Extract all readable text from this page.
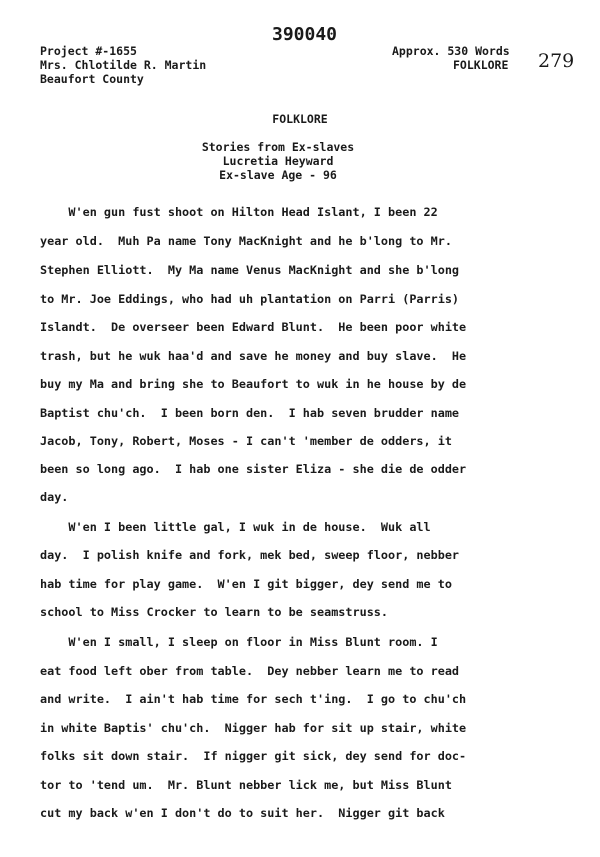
390040
Project #-1655
Mrs. Chlotilde R. Martin
Beaufort County
Approx. 530 Words
FOLKLORE 279
FOLKLORE
Stories from Ex-slaves
Lucretia Heyward
Ex-slave Age - 96
W'en gun fust shoot on Hilton Head Islant, I been 22
year old.  Muh Pa name Tony MacKnight and he b'long to Mr.
Stephen Elliott.  My Ma name Venus MacKnight and she b'long
to Mr. Joe Eddings, who had uh plantation on Parri (Parris)
Islandt.  De overseer been Edward Blunt.  He been poor white
trash, but he wuk haa'd and save he money and buy slave.  He
buy my Ma and bring she to Beaufort to wuk in he house by de
Baptist chu'ch.  I been born den.  I hab seven brudder name
Jacob, Tony, Robert, Moses - I can't 'member de odders, it
been so long ago.  I hab one sister Eliza - she die de odder
day.
W'en I been little gal, I wuk in de house.  Wuk all
day.  I polish knife and fork, mek bed, sweep floor, nebber
hab time for play game.  W'en I git bigger, dey send me to
school to Miss Crocker to learn to be seamstruss.
W'en I small, I sleep on floor in Miss Blunt room. I
eat food left ober from table.  Dey nebber learn me to read
and write.  I ain't hab time for sech t'ing.  I go to chu'ch
in white Baptis' chu'ch.  Nigger hab for sit up stair, white
folks sit down stair.  If nigger git sick, dey send for doc-
tor to 'tend um.  Mr. Blunt nebber lick me, but Miss Blunt
cut my back w'en I don't do to suit her.  Nigger git back
